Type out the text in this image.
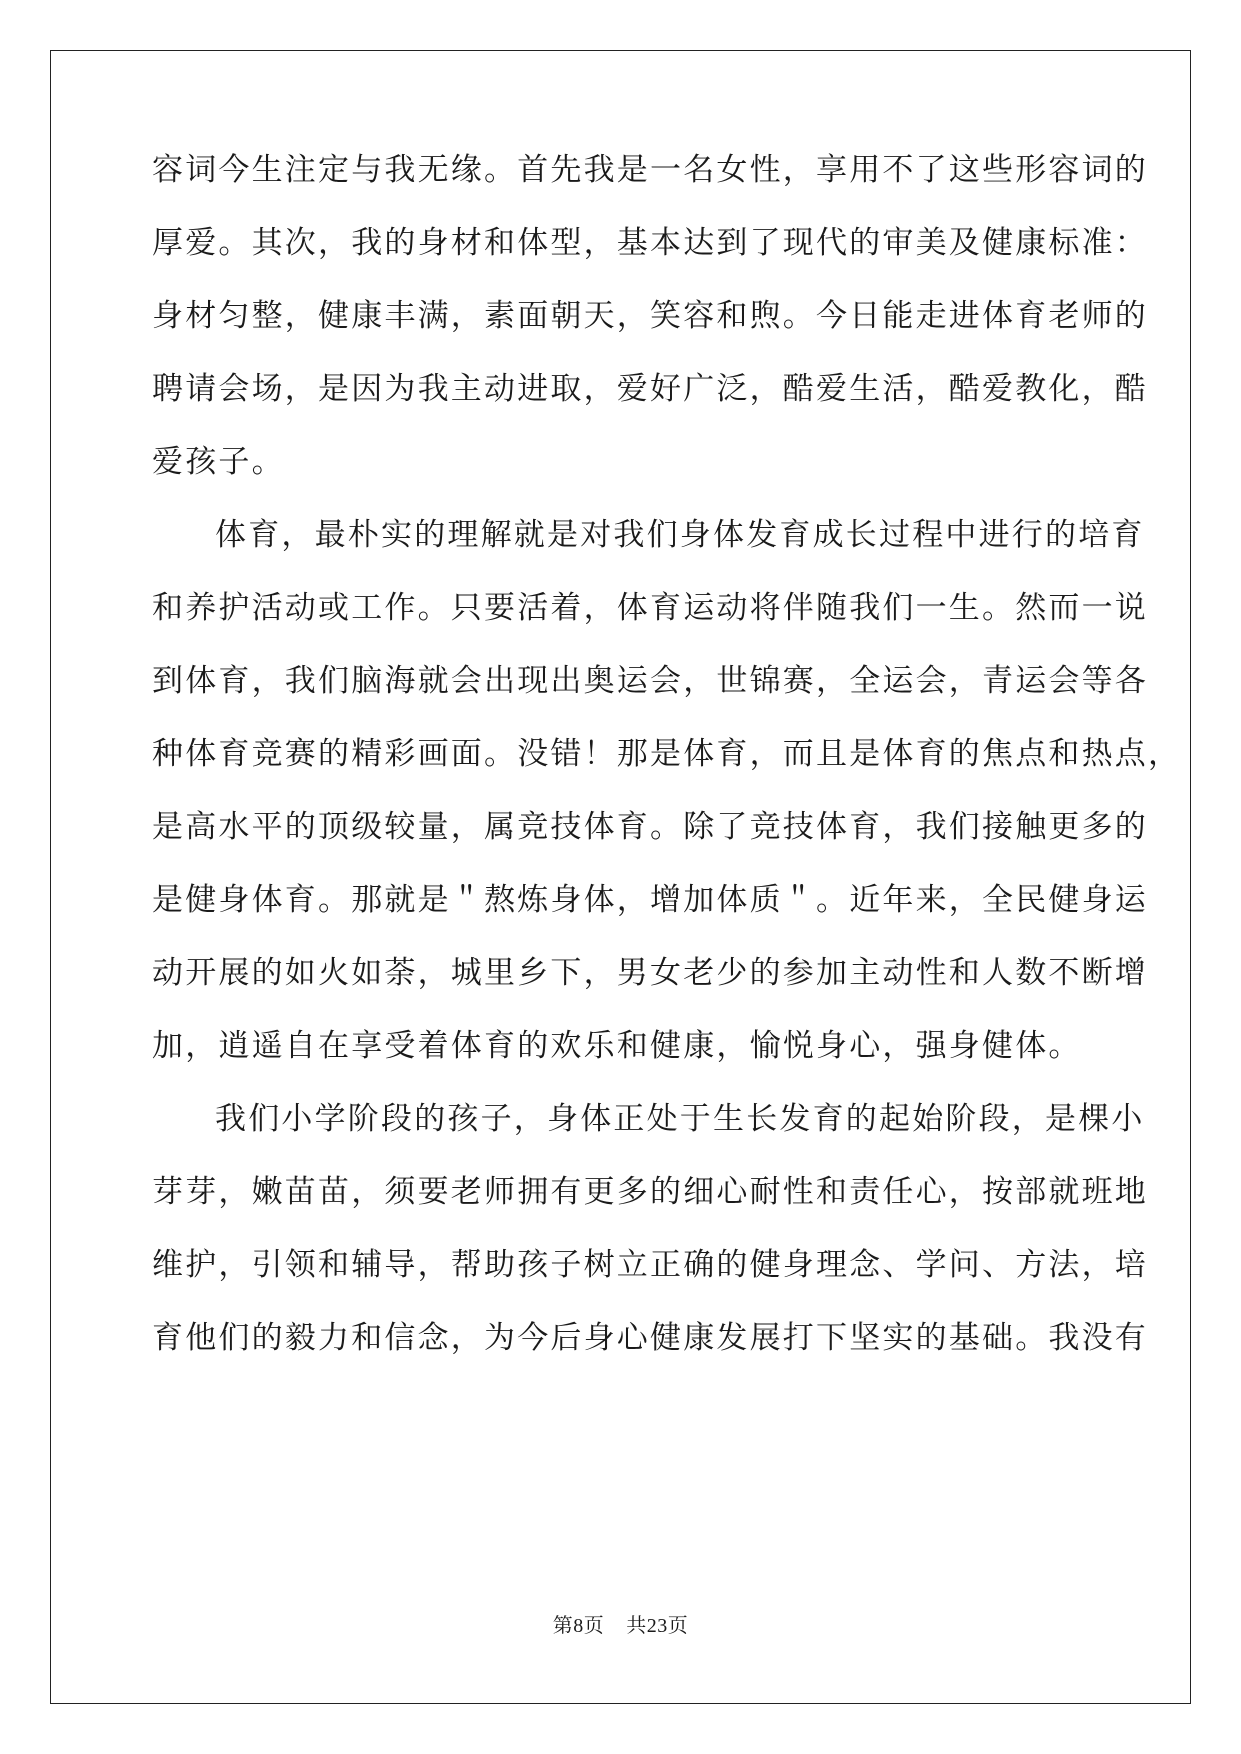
容词今生注定与我无缘。首先我是一名女性，享用不了这些形容词的
厚爱。其次，我的身材和体型，基本达到了现代的审美及健康标准：
身材匀整，健康丰满，素面朝天，笑容和煦。今日能走进体育老师的
聘请会场，是因为我主动进取，爱好广泛，酷爱生活，酷爱教化，酷
爱孩子。
体育，最朴实的理解就是对我们身体发育成长过程中进行的培育
和养护活动或工作。只要活着，体育运动将伴随我们一生。然而一说
到体育，我们脑海就会出现出奥运会，世锦赛，全运会，青运会等各
种体育竞赛的精彩画面。没错！那是体育，而且是体育的焦点和热点，
是高水平的顶级较量，属竞技体育。除了竞技体育，我们接触更多的
是健身体育。那就是＂熬炼身体，增加体质＂。近年来，全民健身运
动开展的如火如荼，城里乡下，男女老少的参加主动性和人数不断增
加，逍遥自在享受着体育的欢乐和健康，愉悦身心，强身健体。
我们小学阶段的孩子，身体正处于生长发育的起始阶段，是棵小
芽芽，嫩苗苗，须要老师拥有更多的细心耐性和责任心，按部就班地
维护，引领和辅导，帮助孩子树立正确的健身理念、学问、方法，培
育他们的毅力和信念，为今后身心健康发展打下坚实的基础。我没有
第8页 共23页
